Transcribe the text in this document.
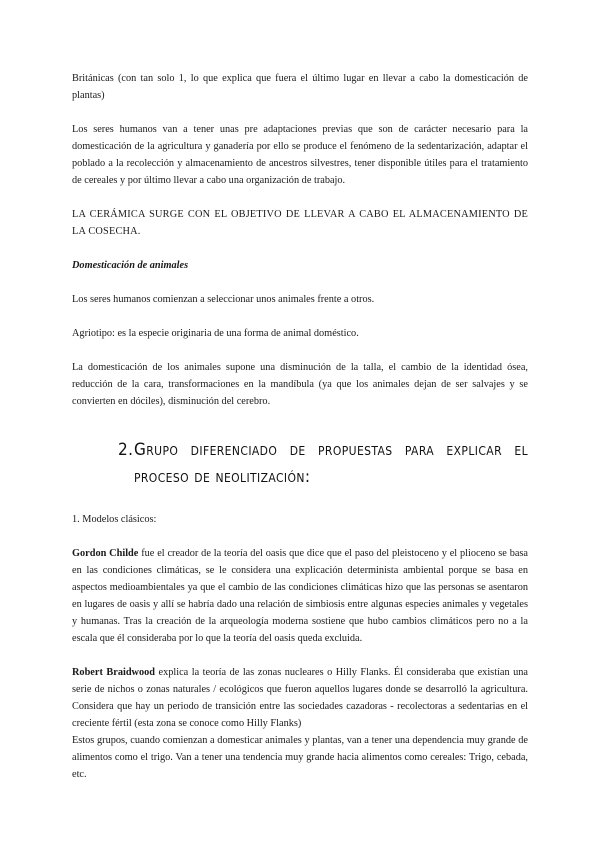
Británicas (con tan solo 1, lo que explica que fuera el último lugar en llevar a cabo la domesticación de plantas)

Los seres humanos van a tener unas pre adaptaciones previas que son de carácter necesario para la domesticación de la agricultura y ganadería por ello se produce el fenómeno de la sedentarización, adaptar el poblado a la recolección y almacenamiento de ancestros silvestres, tener disponible útiles para el tratamiento de cereales y por último llevar a cabo una organización de trabajo.

LA CERÁMICA SURGE CON EL OBJETIVO DE LLEVAR A CABO EL ALMACENAMIENTO DE LA COSECHA.

Domesticación de animales

Los seres humanos comienzan a seleccionar unos animales frente a otros.

Agriotipo: es la especie originaria de una forma de animal doméstico.

La domesticación de los animales supone una disminución de la talla, el cambio de la identidad ósea, reducción de la cara, transformaciones en la mandíbula (ya que los animales dejan de ser salvajes y se convierten en dóciles), disminución del cerebro.

2. Grupo diferenciado de propuestas para explicar el proceso de neolitización:

1. Modelos clásicos:

Gordon Childe fue el creador de la teoría del oasis que dice que el paso del pleistoceno y el plioceno se basa en las condiciones climáticas, se le considera una explicación determinista ambiental porque se basa en aspectos medioambientales ya que el cambio de las condiciones climáticas hizo que las personas se asentaron en lugares de oasis y allí se habría dado una relación de simbiosis entre algunas especies animales y vegetales y humanas. Tras la creación de la arqueología moderna sostiene que hubo cambios climáticos pero no a la escala que él consideraba por lo que la teoría del oasis queda excluida.

Robert Braidwood explica la teoría de las zonas nucleares o Hilly Flanks. Él consideraba que existían una serie de nichos o zonas naturales / ecológicos que fueron aquellos lugares donde se desarrolló la agricultura. Considera que hay un periodo de transición entre las sociedades cazadoras - recolectoras a sedentarias en el creciente fértil (esta zona se conoce como Hilly Flanks)

Estos grupos, cuando comienzan a domesticar animales y plantas, van a tener una dependencia muy grande de alimentos como el trigo. Van a tener una tendencia muy grande hacia alimentos como cereales: Trigo, cebada, etc.
